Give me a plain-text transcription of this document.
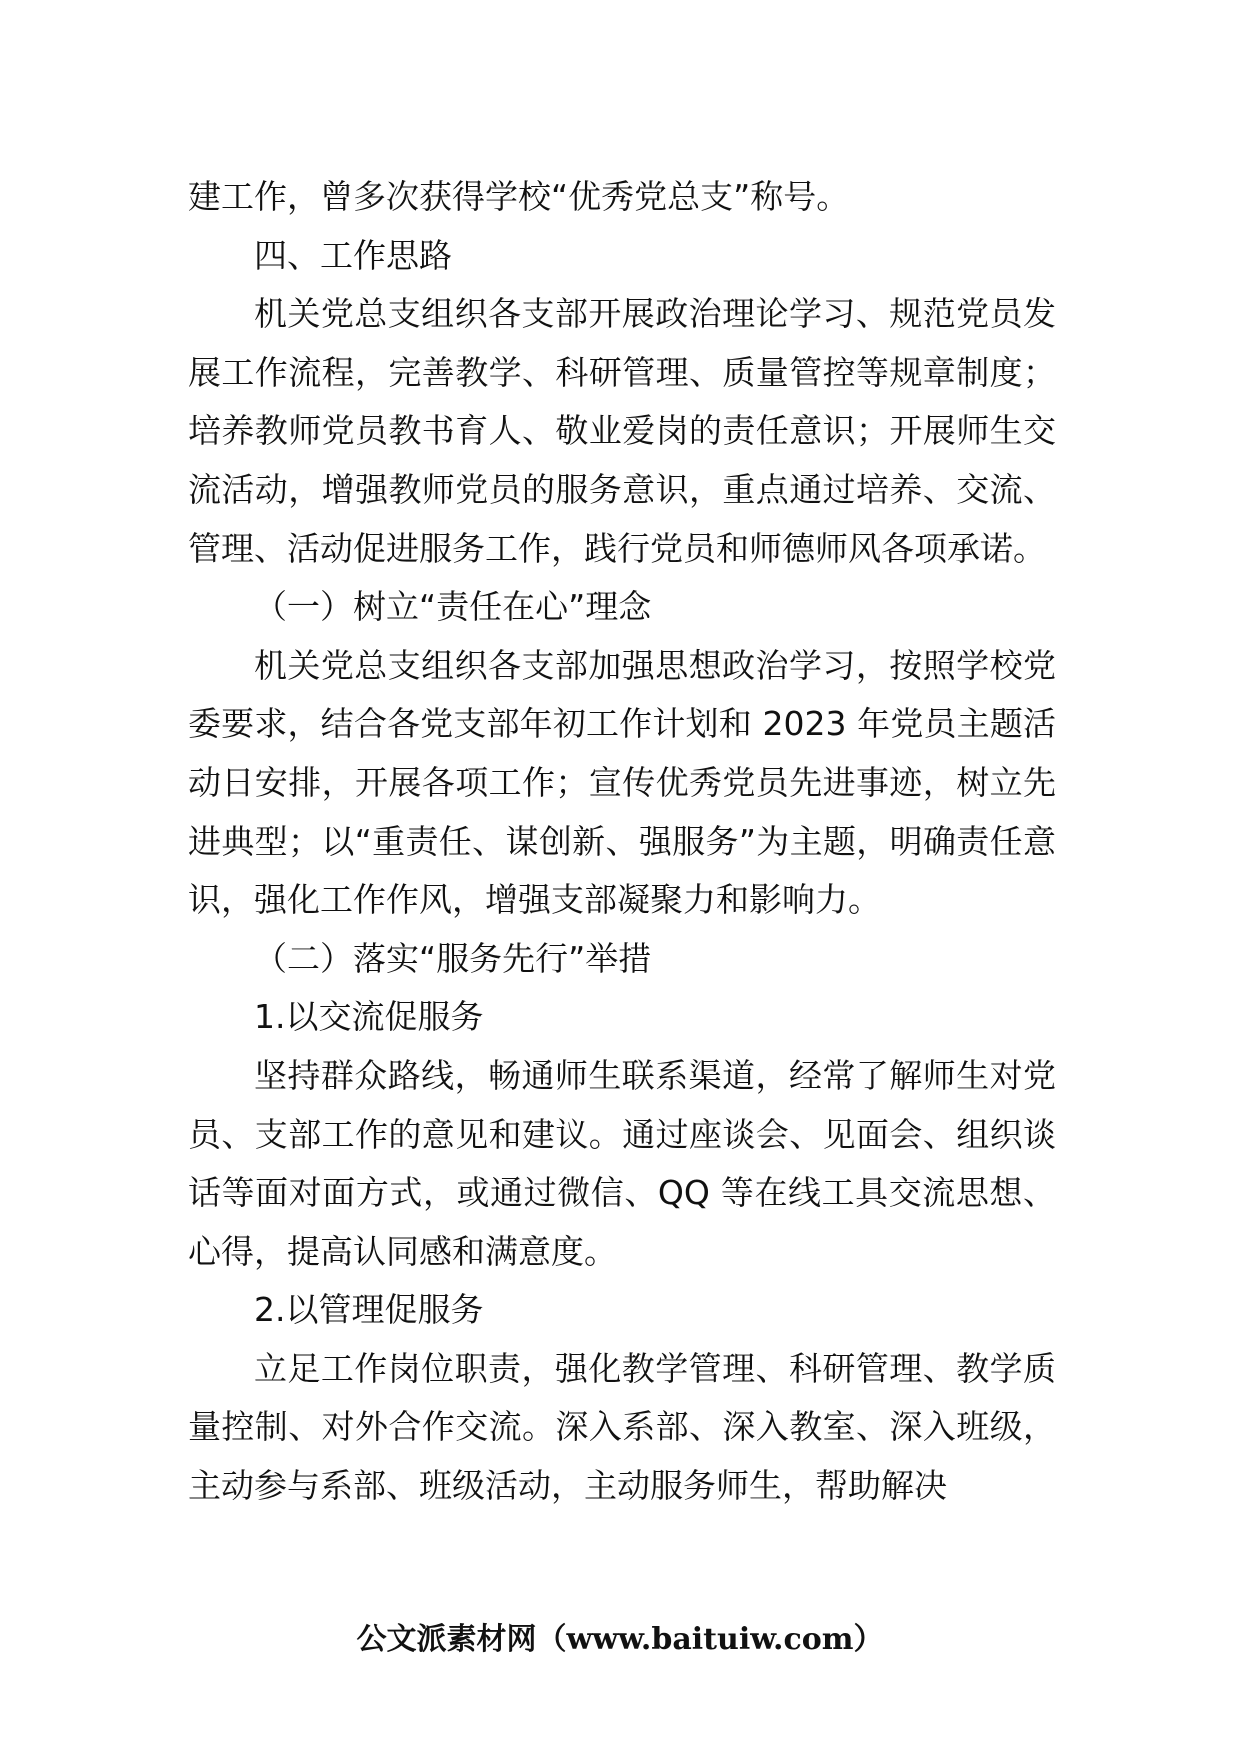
建工作，曾多次获得学校“优秀党总支”称号。

四、工作思路

机关党总支组织各支部开展政治理论学习、规范党员发展工作流程，完善教学、科研管理、质量管控等规章制度；培养教师党员教书育人、敬业爱岗的责任意识；开展师生交流活动，增强教师党员的服务意识，重点通过培养、交流、管理、活动促进服务工作，践行党员和师德师风各项承诺。

（一）树立“责任在心”理念

机关党总支组织各支部加强思想政治学习，按照学校党委要求，结合各党支部年初工作计划和 2023 年党员主题活动日安排，开展各项工作；宣传优秀党员先进事迹，树立先进典型；以“重责任、谋创新、强服务”为主题，明确责任意识，强化工作作风，增强支部凝聚力和影响力。

（二）落实“服务先行”举措

1.以交流促服务

坚持群众路线，畅通师生联系渠道，经常了解师生对党员、支部工作的意见和建议。通过座谈会、见面会、组织谈话等面对面方式，或通过微信、QQ 等在线工具交流思想、心得，提高认同感和满意度。

2.以管理促服务

立足工作岗位职责，强化教学管理、科研管理、教学质量控制、对外合作交流。深入系部、深入教室、深入班级，主动参与系部、班级活动，主动服务师生，帮助解决

公文派素材网（www.baituiw.com）
